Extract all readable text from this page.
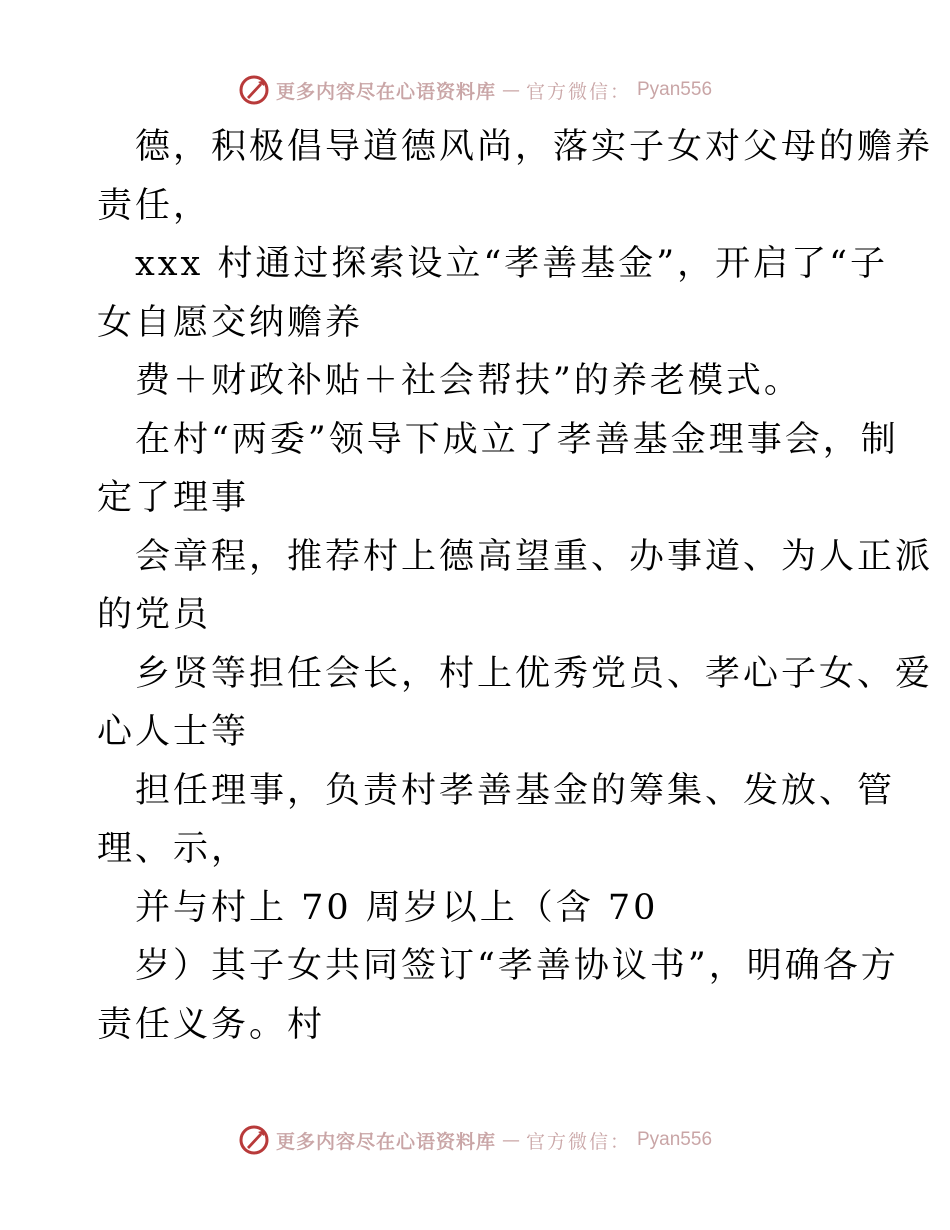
更多内容尽在心语资料库 — 官方微信： Pyan556
德，积极倡导道德风尚，落实子女对父母的赡养
责任，
xxx 村通过探索设立“孝善基金”，开启了“子
女自愿交纳赡养
费＋财政补贴＋社会帮扶”的养老模式。
在村“两委”领导下成立了孝善基金理事会，制
定了理事
会章程，推荐村上德高望重、办事道、为人正派
的党员
乡贤等担任会长，村上优秀党员、孝心子女、爱
心人士等
担任理事，负责村孝善基金的筹集、发放、管
理、示，
并与村上 70 周岁以上（含 70
岁）其子女共同签订“孝善协议书”，明确各方
责任义务。村
更多内容尽在心语资料库 — 官方微信： Pyan556
